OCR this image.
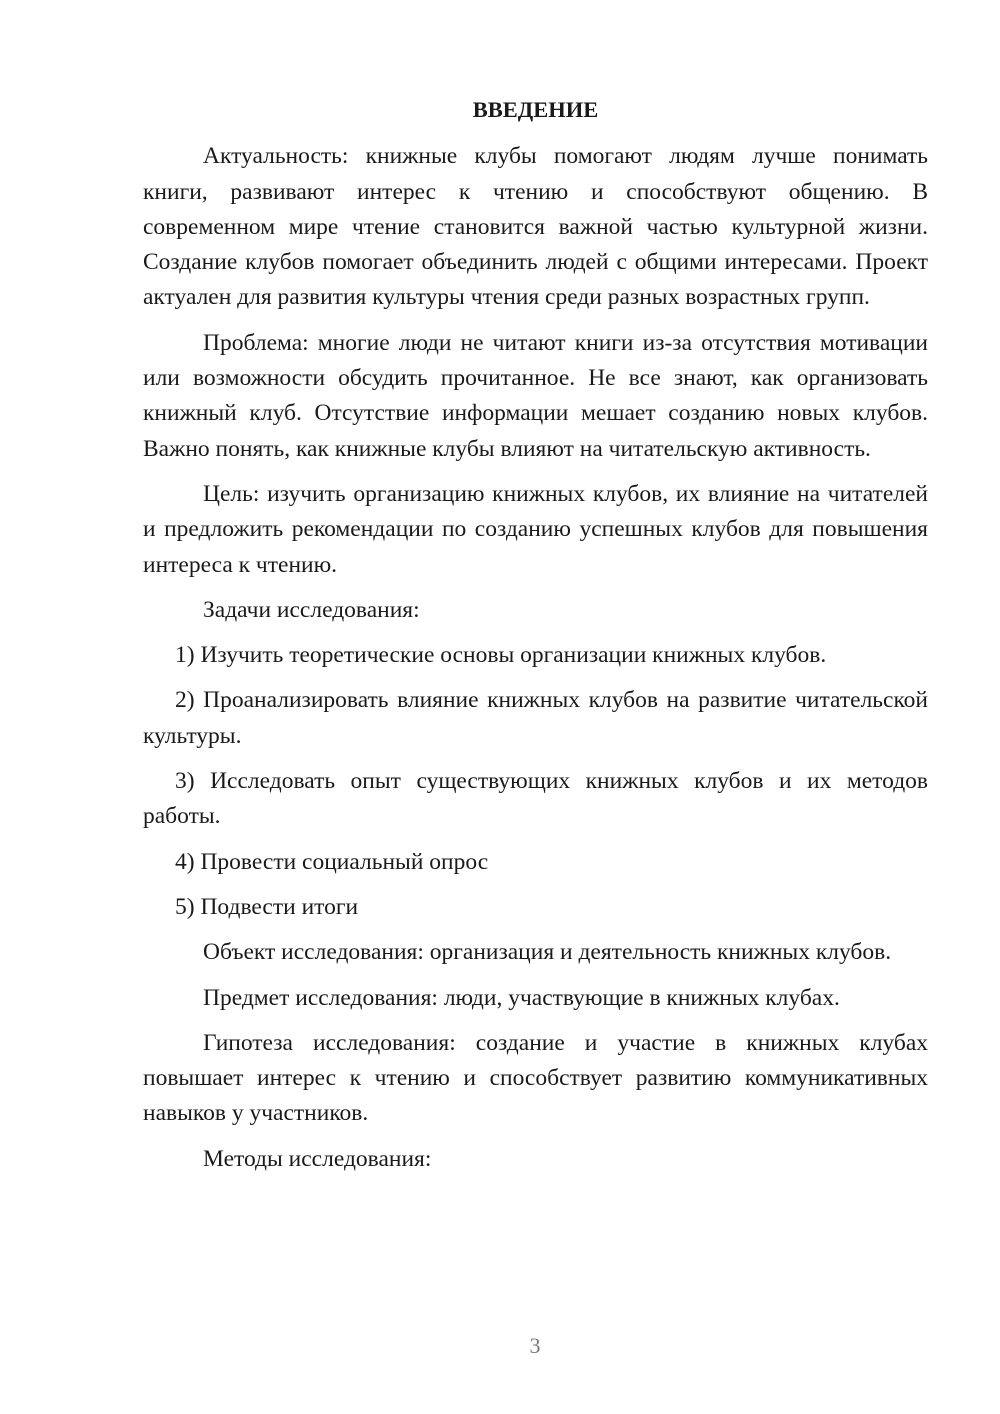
ВВЕДЕНИЕ

Актуальность: книжные клубы помогают людям лучше понимать книги, развивают интерес к чтению и способствуют общению. В современном мире чтение становится важной частью культурной жизни. Создание клубов помогает объединить людей с общими интересами. Проект актуален для развития культуры чтения среди разных возрастных групп.

Проблема: многие люди не читают книги из-за отсутствия мотивации или возможности обсудить прочитанное. Не все знают, как организовать книжный клуб. Отсутствие информации мешает созданию новых клубов. Важно понять, как книжные клубы влияют на читательскую активность.

Цель: изучить организацию книжных клубов, их влияние на читателей и предложить рекомендации по созданию успешных клубов для повышения интереса к чтению.

Задачи исследования:

1) Изучить теоретические основы организации книжных клубов.

2) Проанализировать влияние книжных клубов на развитие читательской культуры.

3) Исследовать опыт существующих книжных клубов и их методов работы.

4) Провести социальный опрос

5) Подвести итоги

Объект исследования: организация и деятельность книжных клубов.

Предмет исследования: люди, участвующие в книжных клубах.

Гипотеза исследования: создание и участие в книжных клубах повышает интерес к чтению и способствует развитию коммуникативных навыков у участников.

Методы исследования:

3
